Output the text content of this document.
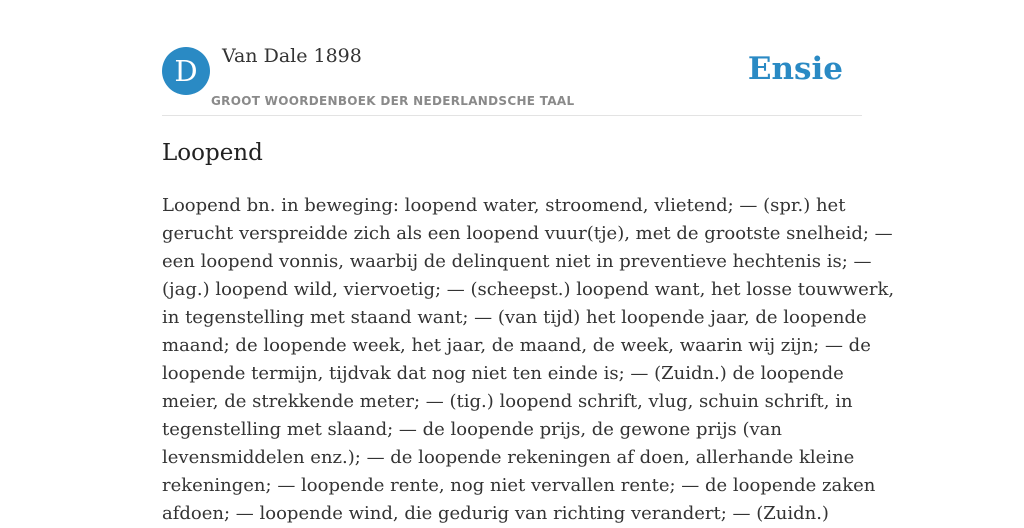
D	Van Dale 1898
GROOT WOORDENBOEK DER NEDERLANDSCHE TAAL
Ensie
Loopend

Loopend bn. in beweging: loopend water, stroomend, vlietend; — (spr.) het
gerucht verspreidde zich als een loopend vuur(tje), met de grootste snelheid; —
een loopend vonnis, waarbij de delinquent niet in preventieve hechtenis is; —
(jag.) loopend wild, viervoetig; — (scheepst.) loopend want, het losse touwwerk,
in tegenstelling met staand want; — (van tijd) het loopende jaar, de loopende
maand; de loopende week, het jaar, de maand, de week, waarin wij zijn; — de
loopende termijn, tijdvak dat nog niet ten einde is; — (Zuidn.) de loopende
meier, de strekkende meter; — (tig.) loopend schrift, vlug, schuin schrift, in
tegenstelling met slaand; — de loopende prijs, de gewone prijs (van
levensmiddelen enz.); — de loopende rekeningen af doen, allerhande kleine
rekeningen; — loopende rente, nog niet vervallen rente; — de loopende zaken
afdoen; — loopende wind, die gedurig van richting verandert; — (Zuidn.)
